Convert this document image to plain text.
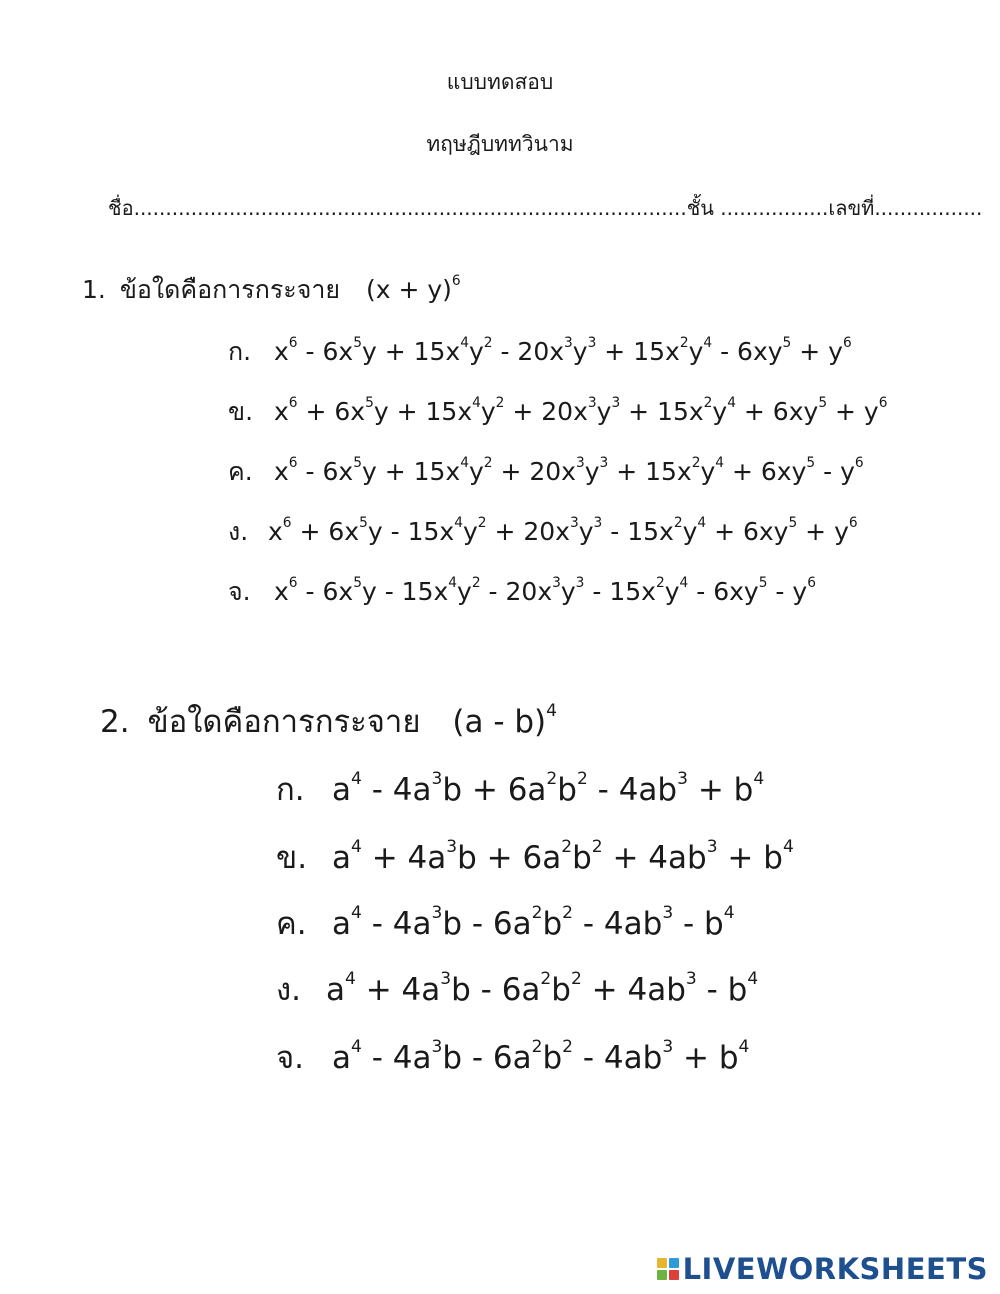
แบบทดสอบ
ทฤษฎีบททวินาม
ชื่อ.......................................................................................ชั้น .................เลขที่.................
1. ข้อใดคือการกระจาย $(x + y)^6$
ก. $x^6 - 6x^5y + 15x^4y^2 - 20x^3y^3 + 15x^2y^4 - 6xy^5 + y^6$
ข. $x^6 + 6x^5y + 15x^4y^2 + 20x^3y^3 + 15x^2y^4 + 6xy^5 + y^6$
ค. $x^6 - 6x^5y + 15x^4y^2 + 20x^3y^3 + 15x^2y^4 + 6xy^5 - y^6$
ง. $x^6 + 6x^5y - 15x^4y^2 + 20x^3y^3 - 15x^2y^4 + 6xy^5 + y^6$
จ. $x^6 - 6x^5y - 15x^4y^2 - 20x^3y^3 - 15x^2y^4 - 6xy^5 - y^6$
2. ข้อใดคือการกระจาย (a - b)$^4$
ก. $a^4 - 4a^3b + 6a^2b^2 - 4ab^3 + b^4$
ข. $a^4 + 4a^3b + 6a^2b^2 + 4ab^3 + b^4$
ค. $a^4 - 4a^3b - 6a^2b^2 - 4ab^3 - b^4$
ง. $a^4 + 4a^3b - 6a^2b^2 + 4ab^3 - b^4$
จ. $a^4 - 4a^3b - 6a^2b^2 - 4ab^3 + b^4$
LIVEWORKSHEETS
